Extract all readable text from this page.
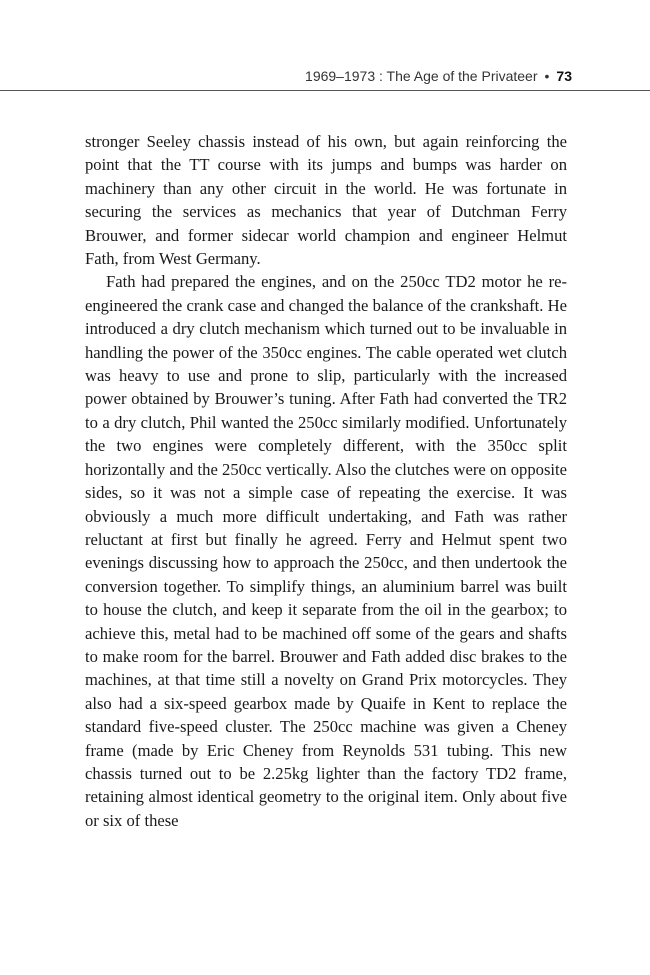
1969–1973 : The Age of the Privateer • 73

stronger Seeley chassis instead of his own, but again reinforcing the point that the TT course with its jumps and bumps was harder on machinery than any other circuit in the world. He was fortunate in securing the services as mechanics that year of Dutchman Ferry Brouwer, and former sidecar world champion and engineer Helmut Fath, from West Germany.

Fath had prepared the engines, and on the 250cc TD2 motor he re-engineered the crank case and changed the balance of the crankshaft. He introduced a dry clutch mechanism which turned out to be invaluable in handling the power of the 350cc engines. The cable operated wet clutch was heavy to use and prone to slip, particularly with the increased power obtained by Brouwer’s tuning. After Fath had converted the TR2 to a dry clutch, Phil wanted the 250cc similarly modified. Unfortunately the two engines were completely different, with the 350cc split horizontally and the 250cc vertically. Also the clutches were on opposite sides, so it was not a simple case of repeating the exercise. It was obviously a much more difficult undertaking, and Fath was rather reluctant at first but finally he agreed. Ferry and Helmut spent two evenings discussing how to approach the 250cc, and then undertook the conversion together. To simplify things, an aluminium barrel was built to house the clutch, and keep it separate from the oil in the gearbox; to achieve this, metal had to be machined off some of the gears and shafts to make room for the barrel. Brouwer and Fath added disc brakes to the machines, at that time still a novelty on Grand Prix motorcycles. They also had a six-speed gearbox made by Quaife in Kent to replace the standard five-speed cluster. The 250cc machine was given a Cheney frame (made by Eric Cheney from Reynolds 531 tubing. This new chassis turned out to be 2.25kg lighter than the factory TD2 frame, retaining almost identical geometry to the original item. Only about five or six of these
